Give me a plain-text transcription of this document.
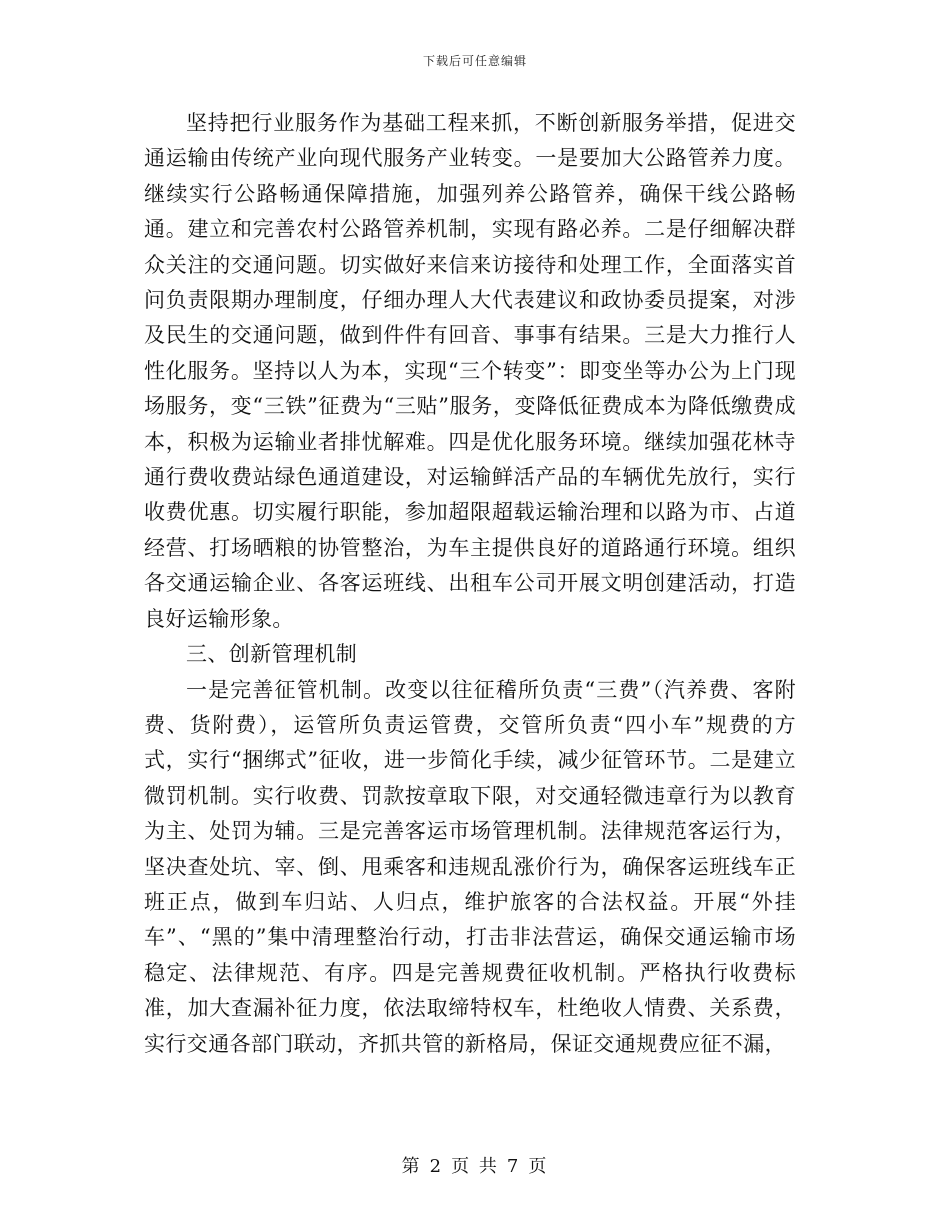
下载后可任意编辑

坚持把行业服务作为基础工程来抓，不断创新服务举措，促进交通运输由传统产业向现代服务产业转变。一是要加大公路管养力度。继续实行公路畅通保障措施，加强列养公路管养，确保干线公路畅通。建立和完善农村公路管养机制，实现有路必养。二是仔细解决群众关注的交通问题。切实做好来信来访接待和处理工作，全面落实首问负责限期办理制度，仔细办理人大代表建议和政协委员提案，对涉及民生的交通问题，做到件件有回音、事事有结果。三是大力推行人性化服务。坚持以人为本，实现“三个转变”：即变坐等办公为上门现场服务，变“三铁”征费为“三贴”服务，变降低征费成本为降低缴费成本，积极为运输业者排忧解难。四是优化服务环境。继续加强花林寺通行费收费站绿色通道建设，对运输鲜活产品的车辆优先放行，实行收费优惠。切实履行职能，参加超限超载运输治理和以路为市、占道经营、打场晒粮的协管整治，为车主提供良好的道路通行环境。组织各交通运输企业、各客运班线、出租车公司开展文明创建活动，打造良好运输形象。

三、创新管理机制

一是完善征管机制。改变以往征稽所负责“三费”（汽养费、客附费、货附费），运管所负责运管费，交管所负责“四小车”规费的方式，实行“捆绑式”征收，进一步简化手续，减少征管环节。二是建立微罚机制。实行收费、罚款按章取下限，对交通轻微违章行为以教育为主、处罚为辅。三是完善客运市场管理机制。法律规范客运行为，坚决查处坑、宰、倒、甩乘客和违规乱涨价行为，确保客运班线车正班正点，做到车归站、人归点，维护旅客的合法权益。开展“外挂车”、“黑的”集中清理整治行动，打击非法营运，确保交通运输市场稳定、法律规范、有序。四是完善规费征收机制。严格执行收费标准，加大查漏补征力度，依法取缔特权车，杜绝收人情费、关系费，实行交通各部门联动，齐抓共管的新格局，保证交通规费应征不漏，

第 2 页 共 7 页
